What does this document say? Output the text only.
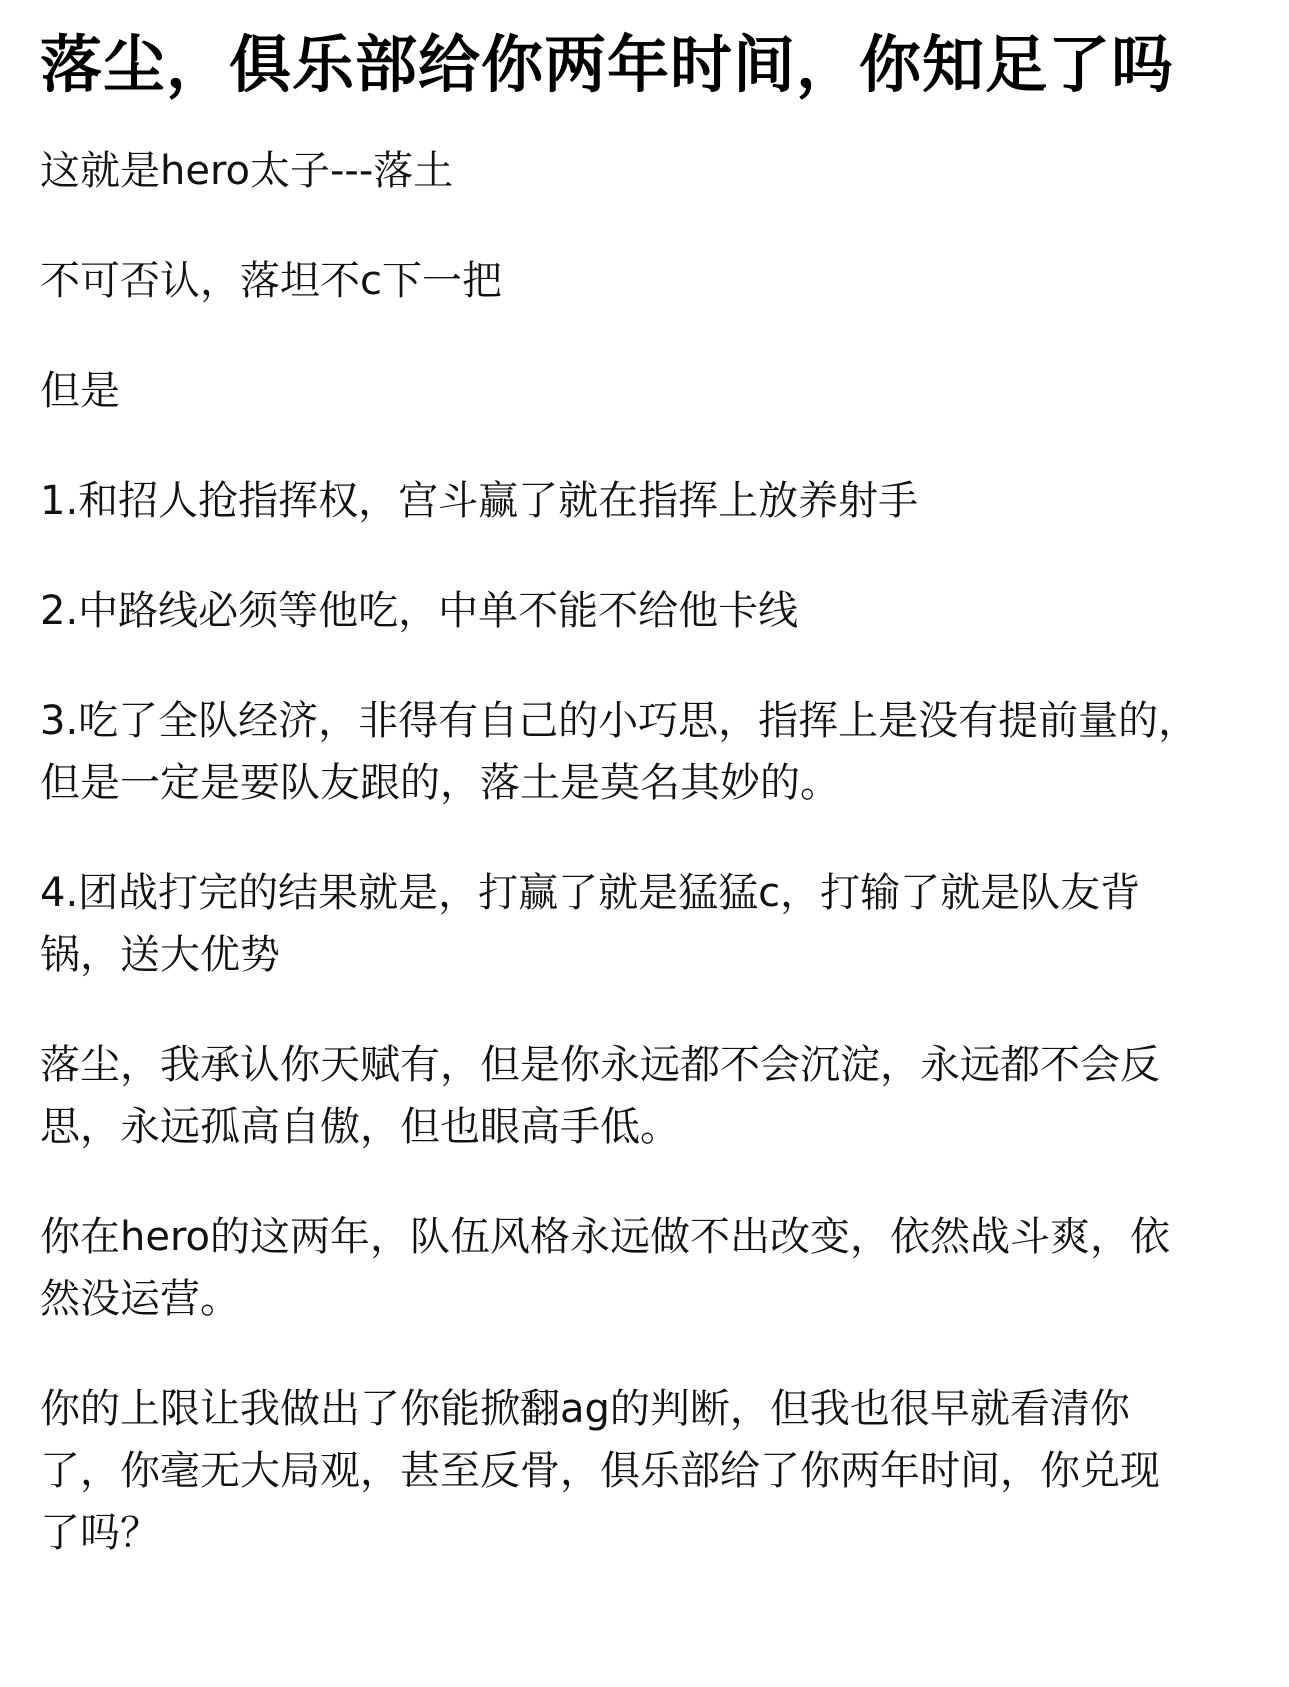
落尘，俱乐部给你两年时间，你知足了吗
这就是hero太子---落土
不可否认，落坦不c下一把
但是
1.和招人抢指挥权，宫斗赢了就在指挥上放养射手
2.中路线必须等他吃，中单不能不给他卡线
3.吃了全队经济，非得有自己的小巧思，指挥上是没有提前量的，
但是一定是要队友跟的，落土是莫名其妙的。
4.团战打完的结果就是，打赢了就是猛猛c，打输了就是队友背
锅，送大优势
落尘，我承认你天赋有，但是你永远都不会沉淀，永远都不会反
思，永远孤高自傲，但也眼高手低。
你在hero的这两年，队伍风格永远做不出改变，依然战斗爽，依
然没运营。
你的上限让我做出了你能掀翻ag的判断，但我也很早就看清你
了，你毫无大局观，甚至反骨，俱乐部给了你两年时间，你兑现
了吗？
